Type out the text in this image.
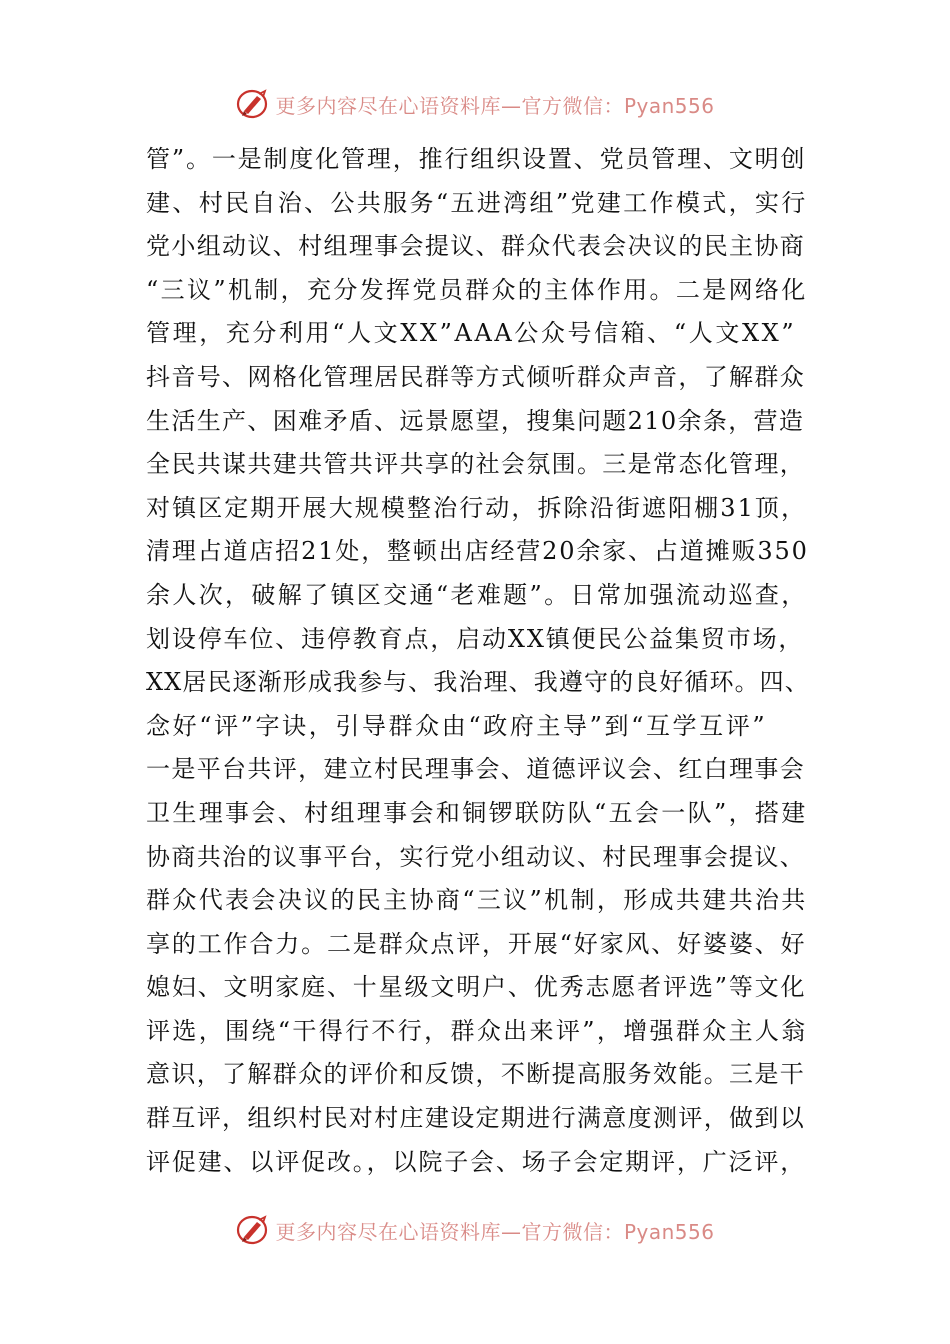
更多内容尽在心语资料库—官方微信：Pyan556
管”。一是制度化管理，推行组织设置、党员管理、文明创
建、村民自治、公共服务“五进湾组”党建工作模式，实行
党小组动议、村组理事会提议、群众代表会决议的民主协商
“三议”机制，充分发挥党员群众的主体作用。二是网络化
管理，充分利用“人文XX”AAA公众号信箱、“人文XX”
抖音号、网格化管理居民群等方式倾听群众声音，了解群众
生活生产、困难矛盾、远景愿望，搜集问题210余条，营造
全民共谋共建共管共评共享的社会氛围。三是常态化管理，
对镇区定期开展大规模整治行动，拆除沿街遮阳棚31顶，
清理占道店招21处，整顿出店经营20余家、占道摊贩350
余人次，破解了镇区交通“老难题”。日常加强流动巡查，
划设停车位、违停教育点，启动XX镇便民公益集贸市场，
XX居民逐渐形成我参与、我治理、我遵守的良好循环。四、
念好“评”字诀，引导群众由“政府主导”到“互学互评”
一是平台共评，建立村民理事会、道德评议会、红白理事会
卫生理事会、村组理事会和铜锣联防队“五会一队”，搭建
协商共治的议事平台，实行党小组动议、村民理事会提议、
群众代表会决议的民主协商“三议”机制，形成共建共治共
享的工作合力。二是群众点评，开展“好家风、好婆婆、好
媳妇、文明家庭、十星级文明户、优秀志愿者评选”等文化
评选，围绕“干得行不行，群众出来评”，增强群众主人翁
意识，了解群众的评价和反馈，不断提高服务效能。三是干
群互评，组织村民对村庄建设定期进行满意度测评，做到以
评促建、以评促改。，以院子会、场子会定期评，广泛评，
更多内容尽在心语资料库—官方微信：Pyan556
